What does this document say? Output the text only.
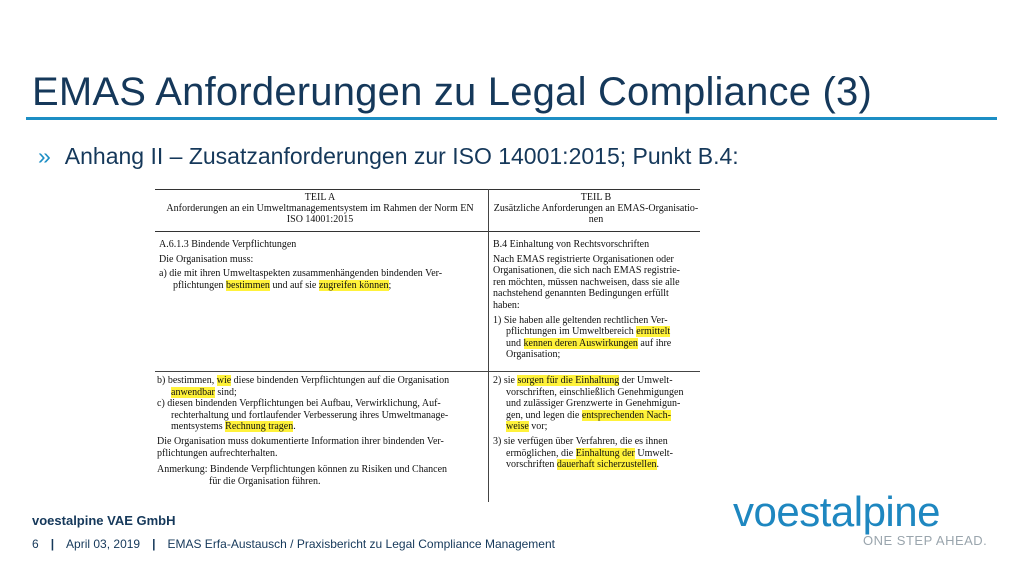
EMAS Anforderungen zu Legal Compliance (3)
» Anhang II – Zusatzanforderungen zur ISO 14001:2015; Punkt B.4:
TEIL A
Anforderungen an ein Umweltmanagementsystem im Rahmen der Norm EN
ISO 14001:2015
TEIL B
Zusätzliche Anforderungen an EMAS-Organisatio-
nen

A.6.1.3 Bindende Verpflichtungen

Die Organisation muss:

a) die mit ihren Umweltaspekten zusammenhängenden bindenden Ver-

pflichtungen bestimmen und auf sie zugreifen können;

b) bestimmen, wie diese bindenden Verpflichtungen auf die Organisation

anwendbar sind;

c) diesen bindenden Verpflichtungen bei Aufbau, Verwirklichung, Auf-

rechterhaltung und fortlaufender Verbesserung ihres Umweltmanage-

mentsystems Rechnung tragen.

Die Organisation muss dokumentierte Information ihrer bindenden Ver-

pflichtungen aufrechterhalten.

Anmerkung: Bindende Verpflichtungen können zu Risiken und Chancen

für die Organisation führen.

B.4 Einhaltung von Rechtsvorschriften

Nach EMAS registrierte Organisationen oder

Organisationen, die sich nach EMAS registrie-

ren möchten, müssen nachweisen, dass sie alle

nachstehend genannten Bedingungen erfüllt

haben:

1) Sie haben alle geltenden rechtlichen Ver-

pflichtungen im Umweltbereich ermittelt

und kennen deren Auswirkungen auf ihre

Organisation;

2) sie sorgen für die Einhaltung der Umwelt-

vorschriften, einschließlich Genehmigungen

und zulässiger Grenzwerte in Genehmigun-

gen, und legen die entsprechenden Nach-

weise vor;

3) sie verfügen über Verfahren, die es ihnen

ermöglichen, die Einhaltung der Umwelt-

vorschriften dauerhaft sicherzustellen.

voestalpine VAE GmbH
6 | April 03, 2019 | EMAS Erfa-Austausch / Praxisbericht zu Legal Compliance Management
voestalpine
ONE STEP AHEAD.
